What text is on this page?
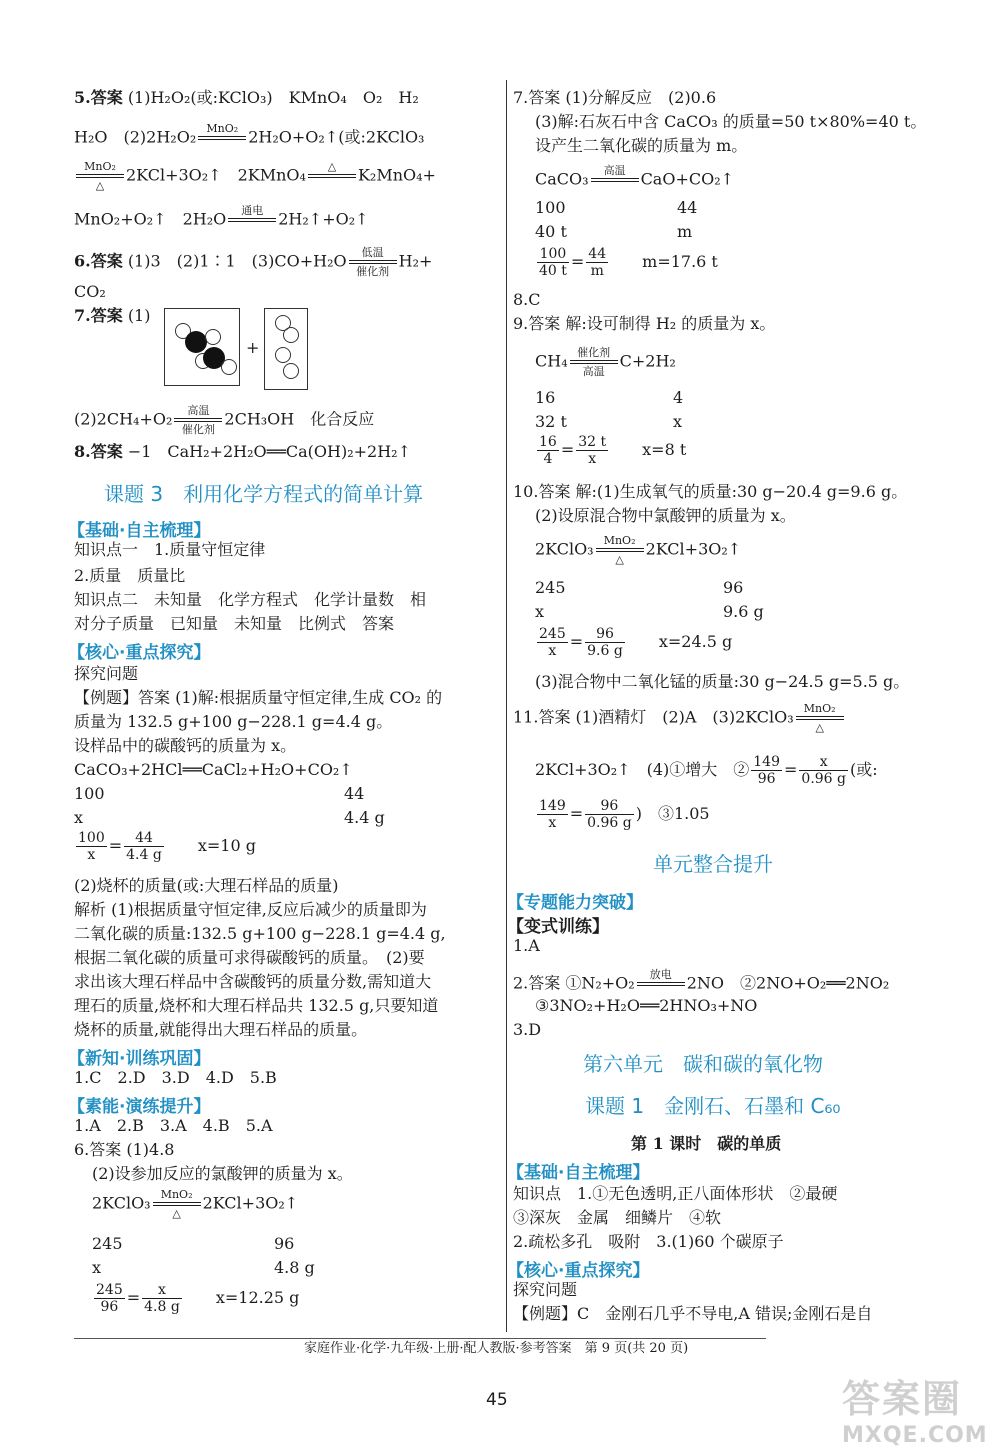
5.答案 (1)H₂O₂(或:KClO₃)　KMnO₄　O₂　H₂
H₂O　(2)2H₂O₂ MnO₂ 2H₂O+O₂↑(或:2KClO₃
MnO₂
△
2KCl+3O₂↑　2KMnO₄	△	K₂MnO₄+
MnO₂+O₂↑　2H₂O	通电 2H₂↑+O₂↑
6.答案 (1)3　(2)1∶1　(3)CO+H₂O	低温
催化剂
H₂+
CO₂
7.答案 (1)
+
(2)2CH₄+O₂	高温
催化剂
2CH₃OH　化合反应
8.答案 −1　CaH₂+2H₂O══Ca(OH)₂+2H₂↑
课题 3　利用化学方程式的简单计算
【基础·自主梳理】
知识点一　1.质量守恒定律
2.质量　质量比
知识点二　未知量　化学方程式　化学计量数　相
对分子质量　已知量　未知量　比例式　答案
【核心·重点探究】
探究问题
【例题】答案 (1)解:根据质量守恒定律,生成 CO₂ 的
质量为 132.5 g+100 g−228.1 g=4.4 g。
设样品中的碳酸钙的质量为 x。
CaCO₃+2HCl══CaCl₂+H₂O+CO₂↑
100	44
x	4.4 g
$\frac{100}{x} = \frac{44}{4.4 g}$
　　 x=10 g
(2)烧杯的质量(或:大理石样品的质量)
解析 (1)根据质量守恒定律,反应后减少的质量即为
二氧化碳的质量:132.5 g+100 g−228.1 g=4.4 g,
根据二氧化碳的质量可求得碳酸钙的质量。　(2)要
求出该大理石样品中含碳酸钙的质量分数,需知道大
理石的质量,烧杯和大理石样品共 132.5 g,只要知道
烧杯的质量,就能得出大理石样品的质量。
【新知·训练巩固】
1.C　2.D　3.D　4.D　5.B
【素能·演练提升】
1.A　2.B　3.A　4.B　5.A
6.答案 (1)4.8
(2)设参加反应的氯酸钾的质量为 x。
2KClO₃ MnO₂
△
2KCl+3O₂↑
245	96
x	4.8 g
$\frac{245}{96} = \frac{x}{4.8 g}$
　　 x=12.25 g
7.答案 (1)分解反应　(2)0.6
(3)解:石灰石中含 CaCO₃ 的质量=50 t×80%=40 t。
设产生二氧化碳的质量为 m。
CaCO₃	高温 CaO+CO₂↑
100	44
40 t	m
$\frac{100}{40 t} = \frac{44}{m}$
　　 m=17.6 t
8.C
9.答案 解:设可制得 H₂ 的质量为 x。
CH₄ 催化剂
高温
C+2H₂
16	4
32 t	x
$\frac{16}{4} = \frac{32 t}{x}$
　　 x=8 t
10.答案 解:(1)生成氧气的质量:30 g−20.4 g=9.6 g。
(2)设原混合物中氯酸钾的质量为 x。
2KClO₃ MnO₂
△
2KCl+3O₂↑
245	96
x	9.6 g
$\frac{245}{x} = \frac{96}{9.6 g}$
　　 x=24.5 g
(3)混合物中二氧化锰的质量:30 g−24.5 g=5.5 g。
11.答案 (1)酒精灯　(2)A　(3)2KClO₃ MnO₂
△
2KCl+3O₂↑　(4)①增大　② $\frac{149}{96} = \frac{x}{0.96 g}$ (或:
$\frac{149}{x} = \frac{96}{0.96 g}$ )　③1.05
单元整合提升
【专题能力突破】
【变式训练】
1.A
2.答案 ①N₂+O₂	放电 2NO　②2NO+O₂══2NO₂
③3NO₂+H₂O══2HNO₃+NO
3.D
第六单元　碳和碳的氧化物
课题 1　金刚石、石墨和 C₆₀
第 1 课时　碳的单质
【基础·自主梳理】
知识点　1.①无色透明,正八面体形状　②最硬
③深灰　金属　细鳞片　④软
2.疏松多孔　吸附　3.(1)60 个碳原子
【核心·重点探究】
探究问题
【例题】C　金刚石几乎不导电,A 错误;金刚石是自
家庭作业·化学·九年级·上册·配人教版·参考答案　第 9 页(共 20 页)
45	答案圈
MXQE.COM
